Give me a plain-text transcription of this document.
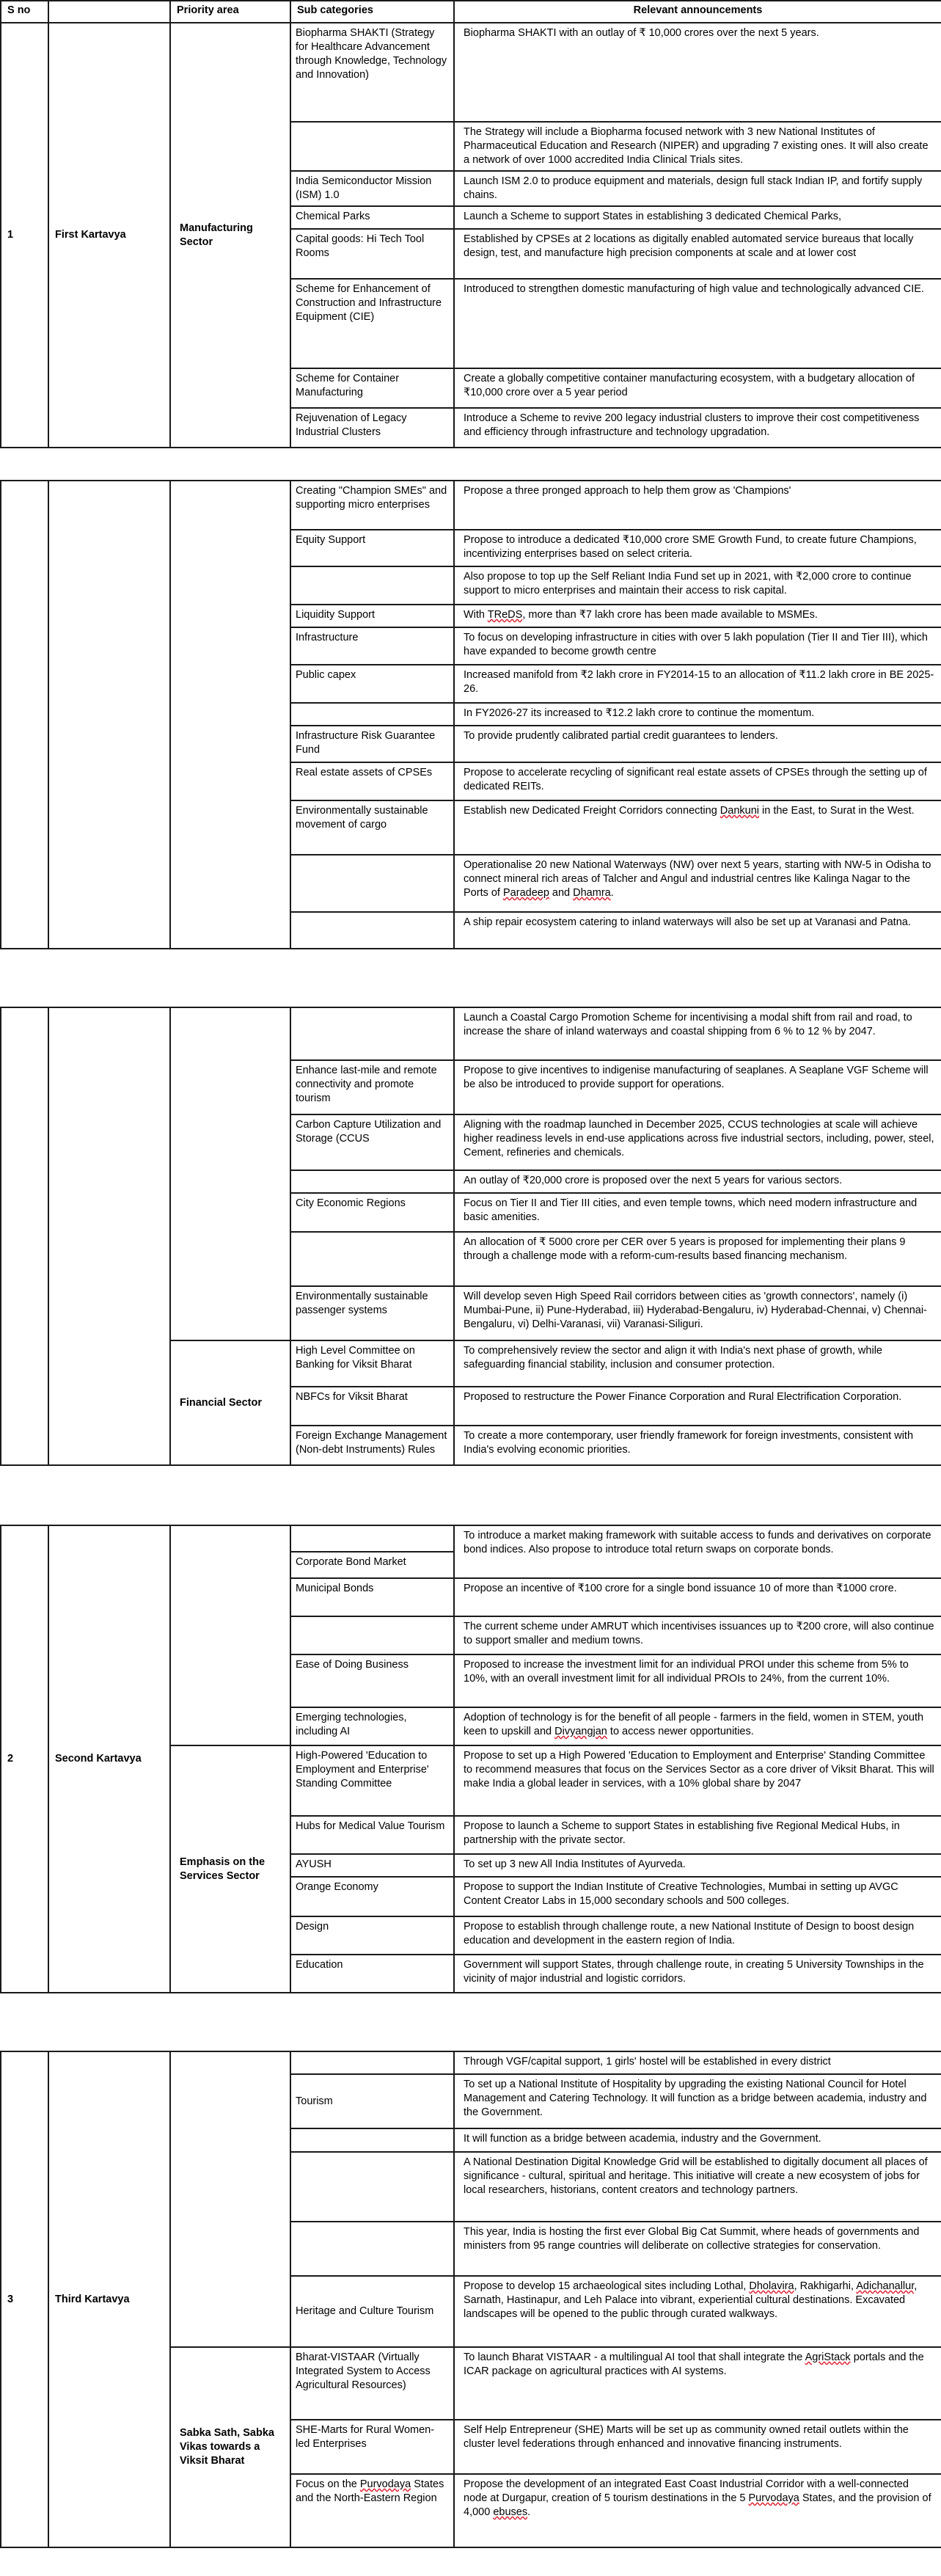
S no		Priority area	Sub categories	Relevant announcements
1	First Kartavya	Manufacturing Sector	Biopharma SHAKTI (Strategy for Healthcare Advancement through Knowledge, Technology and Innovation)	Biopharma SHAKTI with an outlay of ₹ 10,000 crores over the next 5 years.
				The Strategy will include a Biopharma focused network with 3 new National Institutes of Pharmaceutical Education and Research (NIPER) and upgrading 7 existing ones. It will also create a network of over 1000 accredited India Clinical Trials sites.
			India Semiconductor Mission (ISM) 1.0	Launch ISM 2.0 to produce equipment and materials, design full stack Indian IP, and fortify supply chains.
			Chemical Parks	Launch a Scheme to support States in establishing 3 dedicated Chemical Parks,
			Capital goods: Hi Tech Tool Rooms	Established by CPSEs at 2 locations as digitally enabled automated service bureaus that locally design, test, and manufacture high precision components at scale and at lower cost
			Scheme for Enhancement of Construction and Infrastructure Equipment (CIE)	Introduced to strengthen domestic manufacturing of high value and technologically advanced CIE.
			Scheme for Container Manufacturing	Create a globally competitive container manufacturing ecosystem, with a budgetary allocation of ₹10,000 crore over a 5 year period
			Rejuvenation of Legacy Industrial Clusters	Introduce a Scheme to revive 200 legacy industrial clusters to improve their cost competitiveness and efficiency through infrastructure and technology upgradation.
			Creating "Champion SMEs" and supporting micro enterprises	Propose a three pronged approach to help them grow as 'Champions'
			Equity Support	Propose to introduce a dedicated ₹10,000 crore SME Growth Fund, to create future Champions, incentivizing enterprises based on select criteria.
				Also propose to top up the Self Reliant India Fund set up in 2021, with ₹2,000 crore to continue support to micro enterprises and maintain their access to risk capital.
			Liquidity Support	With TReDS, more than ₹7 lakh crore has been made available to MSMEs.
			Infrastructure	To focus on developing infrastructure in cities with over 5 lakh population (Tier II and Tier III), which have expanded to become growth centre
			Public capex	Increased manifold from ₹2 lakh crore in FY2014-15 to an allocation of ₹11.2 lakh crore in BE 2025-26.
				In FY2026-27 its increased to ₹12.2 lakh crore to continue the momentum.
			Infrastructure Risk Guarantee Fund	To provide prudently calibrated partial credit guarantees to lenders.
			Real estate assets of CPSEs	Propose to accelerate recycling of significant real estate assets of CPSEs through the setting up of dedicated REITs.
			Environmentally sustainable movement of cargo	Establish new Dedicated Freight Corridors connecting Dankuni in the East, to Surat in the West.
				Operationalise 20 new National Waterways (NW) over next 5 years, starting with NW-5 in Odisha to connect mineral rich areas of Talcher and Angul and industrial centres like Kalinga Nagar to the Ports of Paradeep and Dhamra.
				A ship repair ecosystem catering to inland waterways will also be set up at Varanasi and Patna.
				Launch a Coastal Cargo Promotion Scheme for incentivising a modal shift from rail and road, to increase the share of inland waterways and coastal shipping from 6 % to 12 % by 2047.
			Enhance last-mile and remote connectivity and promote tourism	Propose to give incentives to indigenise manufacturing of seaplanes. A Seaplane VGF Scheme will be also be introduced to provide support for operations.
			Carbon Capture Utilization and Storage (CCUS	Aligning with the roadmap launched in December 2025, CCUS technologies at scale will achieve higher readiness levels in end-use applications across five industrial sectors, including, power, steel, Cement, refineries and chemicals.
				An outlay of ₹20,000 crore is proposed over the next 5 years for various sectors.
			City Economic Regions	Focus on Tier II and Tier III cities, and even temple towns, which need modern infrastructure and basic amenities.
				An allocation of ₹ 5000 crore per CER over 5 years is proposed for implementing their plans 9 through a challenge mode with a reform-cum-results based financing mechanism.
			Environmentally sustainable passenger systems	Will develop seven High Speed Rail corridors between cities as 'growth connectors', namely (i) Mumbai-Pune, ii) Pune-Hyderabad, iii) Hyderabad-Bengaluru, iv) Hyderabad-Chennai, v) Chennai-Bengaluru, vi) Delhi-Varanasi, vii) Varanasi-Siliguri.
		Financial Sector	High Level Committee on Banking for Viksit Bharat	To comprehensively review the sector and align it with India's next phase of growth, while safeguarding financial stability, inclusion and consumer protection.
			NBFCs for Viksit Bharat	Proposed to restructure the Power Finance Corporation and Rural Electrification Corporation.
			Foreign Exchange Management (Non-debt Instruments) Rules	To create a more contemporary, user friendly framework for foreign investments, consistent with India's evolving economic priorities.
2	Second Kartavya			To introduce a market making framework with suitable access to funds and derivatives on corporate bond indices. Also propose to introduce total return swaps on corporate bonds.
			Corporate Bond Market	
			Municipal Bonds	Propose an incentive of ₹100 crore for a single bond issuance 10 of more than ₹1000 crore.
				The current scheme under AMRUT which incentivises issuances up to ₹200 crore, will also continue to support smaller and medium towns.
			Ease of Doing Business	Proposed to increase the investment limit for an individual PROI under this scheme from 5% to 10%, with an overall investment limit for all individual PROIs to 24%, from the current 10%.
			Emerging technologies, including AI	Adoption of technology is for the benefit of all people - farmers in the field, women in STEM, youth keen to upskill and Divyangjan to access newer opportunities.
		Emphasis on the Services Sector	High-Powered 'Education to Employment and Enterprise' Standing Committee	Propose to set up a High Powered 'Education to Employment and Enterprise' Standing Committee to recommend measures that focus on the Services Sector as a core driver of Viksit Bharat. This will make India a global leader in services, with a 10% global share by 2047
			Hubs for Medical Value Tourism	Propose to launch a Scheme to support States in establishing five Regional Medical Hubs, in partnership with the private sector.
			AYUSH	To set up 3 new All India Institutes of Ayurveda.
			Orange Economy	Propose to support the Indian Institute of Creative Technologies, Mumbai in setting up AVGC Content Creator Labs in 15,000 secondary schools and 500 colleges.
			Design	Propose to establish through challenge route, a new National Institute of Design to boost design education and development in the eastern region of India.
			Education	Government will support States, through challenge route, in creating 5 University Townships in the vicinity of major industrial and logistic corridors.
3	Third Kartavya			Through VGF/capital support, 1 girls' hostel will be established in every district
			Tourism	To set up a National Institute of Hospitality by upgrading the existing National Council for Hotel Management and Catering Technology. It will function as a bridge between academia, industry and the Government.
				It will function as a bridge between academia, industry and the Government.
				A National Destination Digital Knowledge Grid will be established to digitally document all places of significance - cultural, spiritual and heritage. This initiative will create a new ecosystem of jobs for local researchers, historians, content creators and technology partners.
				This year, India is hosting the first ever Global Big Cat Summit, where heads of governments and ministers from 95 range countries will deliberate on collective strategies for conservation.
			Heritage and Culture Tourism	Propose to develop 15 archaeological sites including Lothal, Dholavira, Rakhigarhi, Adichanallur, Sarnath, Hastinapur, and Leh Palace into vibrant, experiential cultural destinations. Excavated landscapes will be opened to the public through curated walkways.
		Sabka Sath, Sabka Vikas towards a Viksit Bharat	Bharat-VISTAAR (Virtually Integrated System to Access Agricultural Resources)	To launch Bharat VISTAAR - a multilingual AI tool that shall integrate the AgriStack portals and the ICAR package on agricultural practices with AI systems.
			SHE-Marts for Rural Women-led Enterprises	Self Help Entrepreneur (SHE) Marts will be set up as community owned retail outlets within the cluster level federations through enhanced and innovative financing instruments.
			Focus on the Purvodaya States and the North-Eastern Region	Propose the development of an integrated East Coast Industrial Corridor with a well-connected node at Durgapur, creation of 5 tourism destinations in the 5 Purvodaya States, and the provision of 4,000 ebuses.
